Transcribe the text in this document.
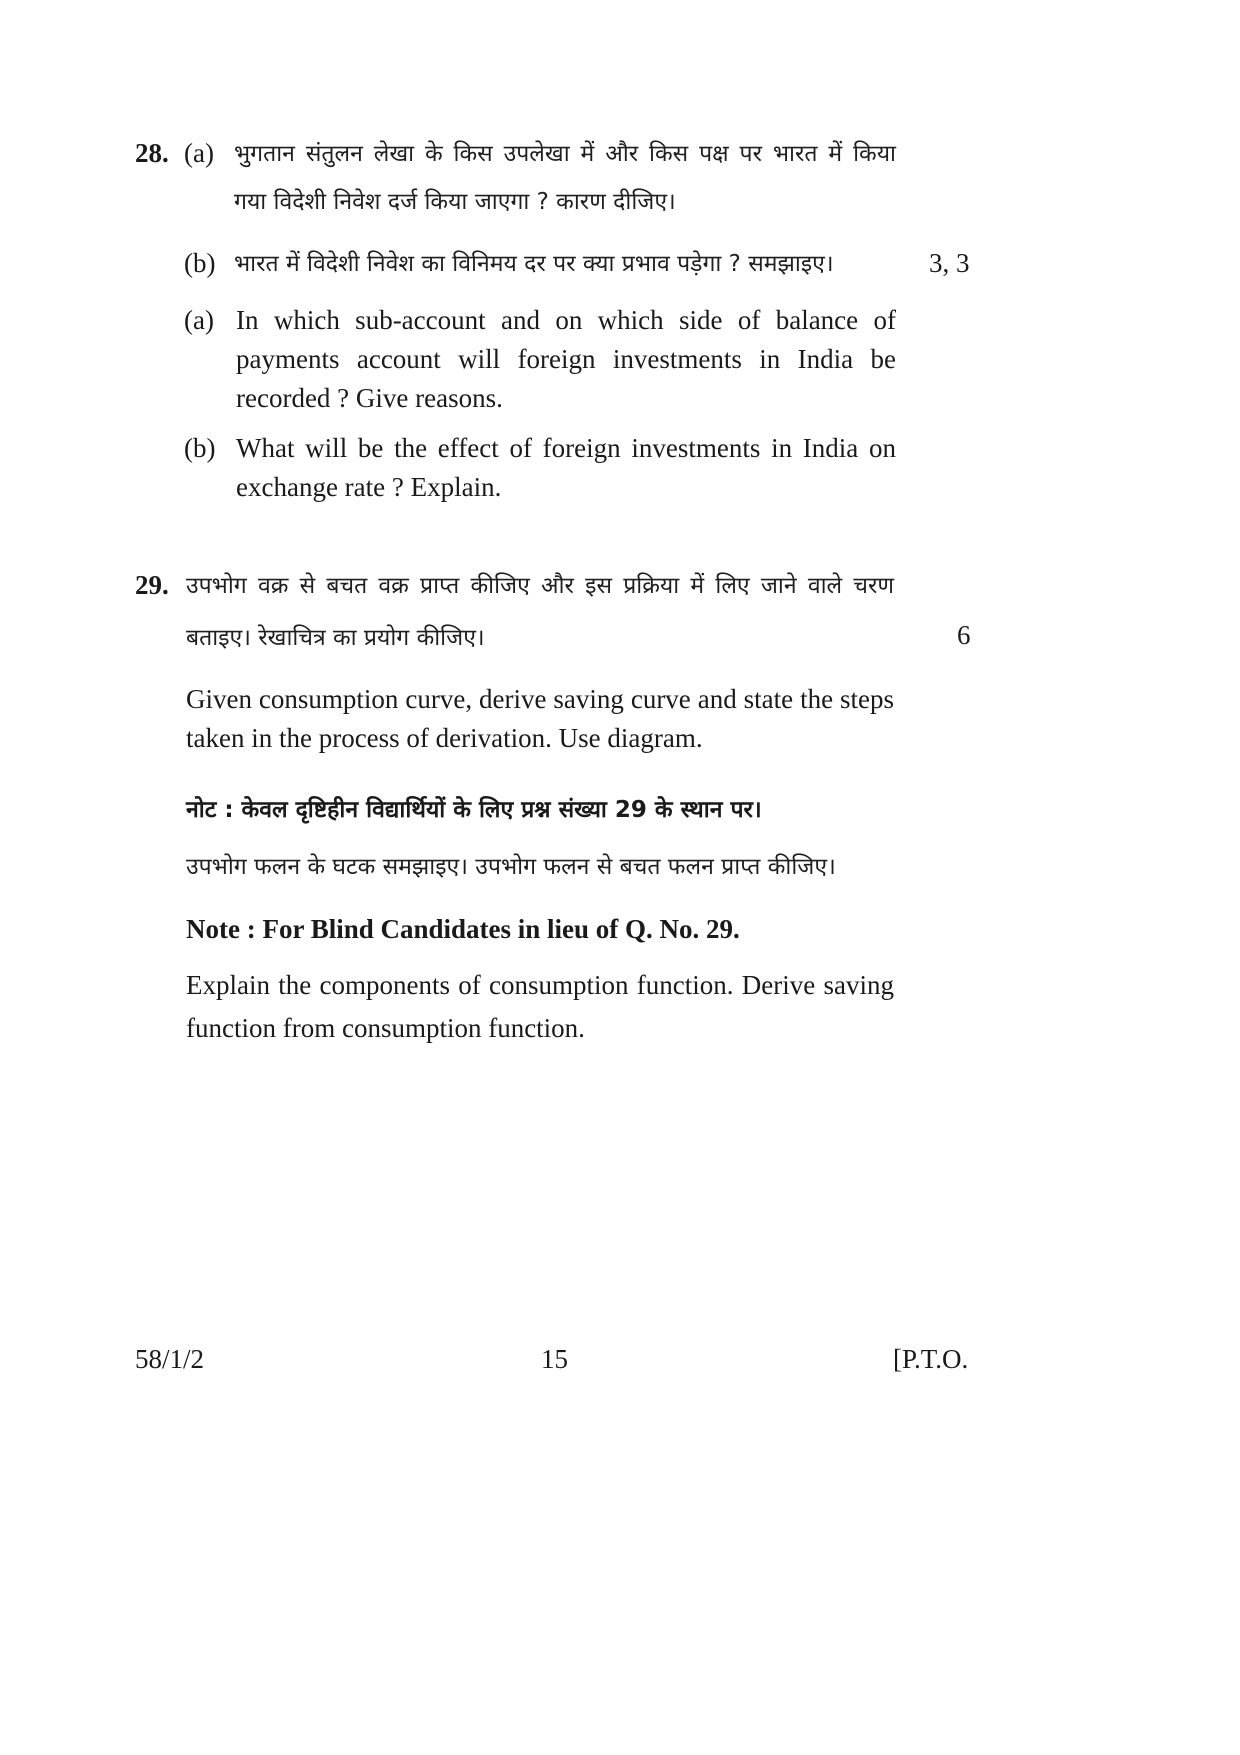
28. (a) भुगतान संतुलन लेखा के किस उपलेखा में और किस पक्ष पर भारत में किया
गया विदेशी निवेश दर्ज किया जाएगा ? कारण दीजिए।
(b) भारत में विदेशी निवेश का विनिमय दर पर क्या प्रभाव पड़ेगा ? समझाइए।	3, 3
(a) In which sub-account and on which side of balance of
payments account will foreign investments in India be
recorded ? Give reasons.
(b) What will be the effect of foreign investments in India on
exchange rate ? Explain.
29. उपभोग वक्र से बचत वक्र प्राप्त कीजिए और इस प्रक्रिया में लिए जाने वाले चरण
बताइए। रेखाचित्र का प्रयोग कीजिए।	6
Given consumption curve, derive saving curve and state the steps
taken in the process of derivation. Use diagram.
नोट : केवल दृष्टिहीन विद्यार्थियों के लिए प्रश्न संख्या 29 के स्थान पर।
उपभोग फलन के घटक समझाइए। उपभोग फलन से बचत फलन प्राप्त कीजिए।
Note : For Blind Candidates in lieu of Q. No. 29.
Explain the components of consumption function. Derive saving
function from consumption function.
58/1/2	15	[P.T.O.
